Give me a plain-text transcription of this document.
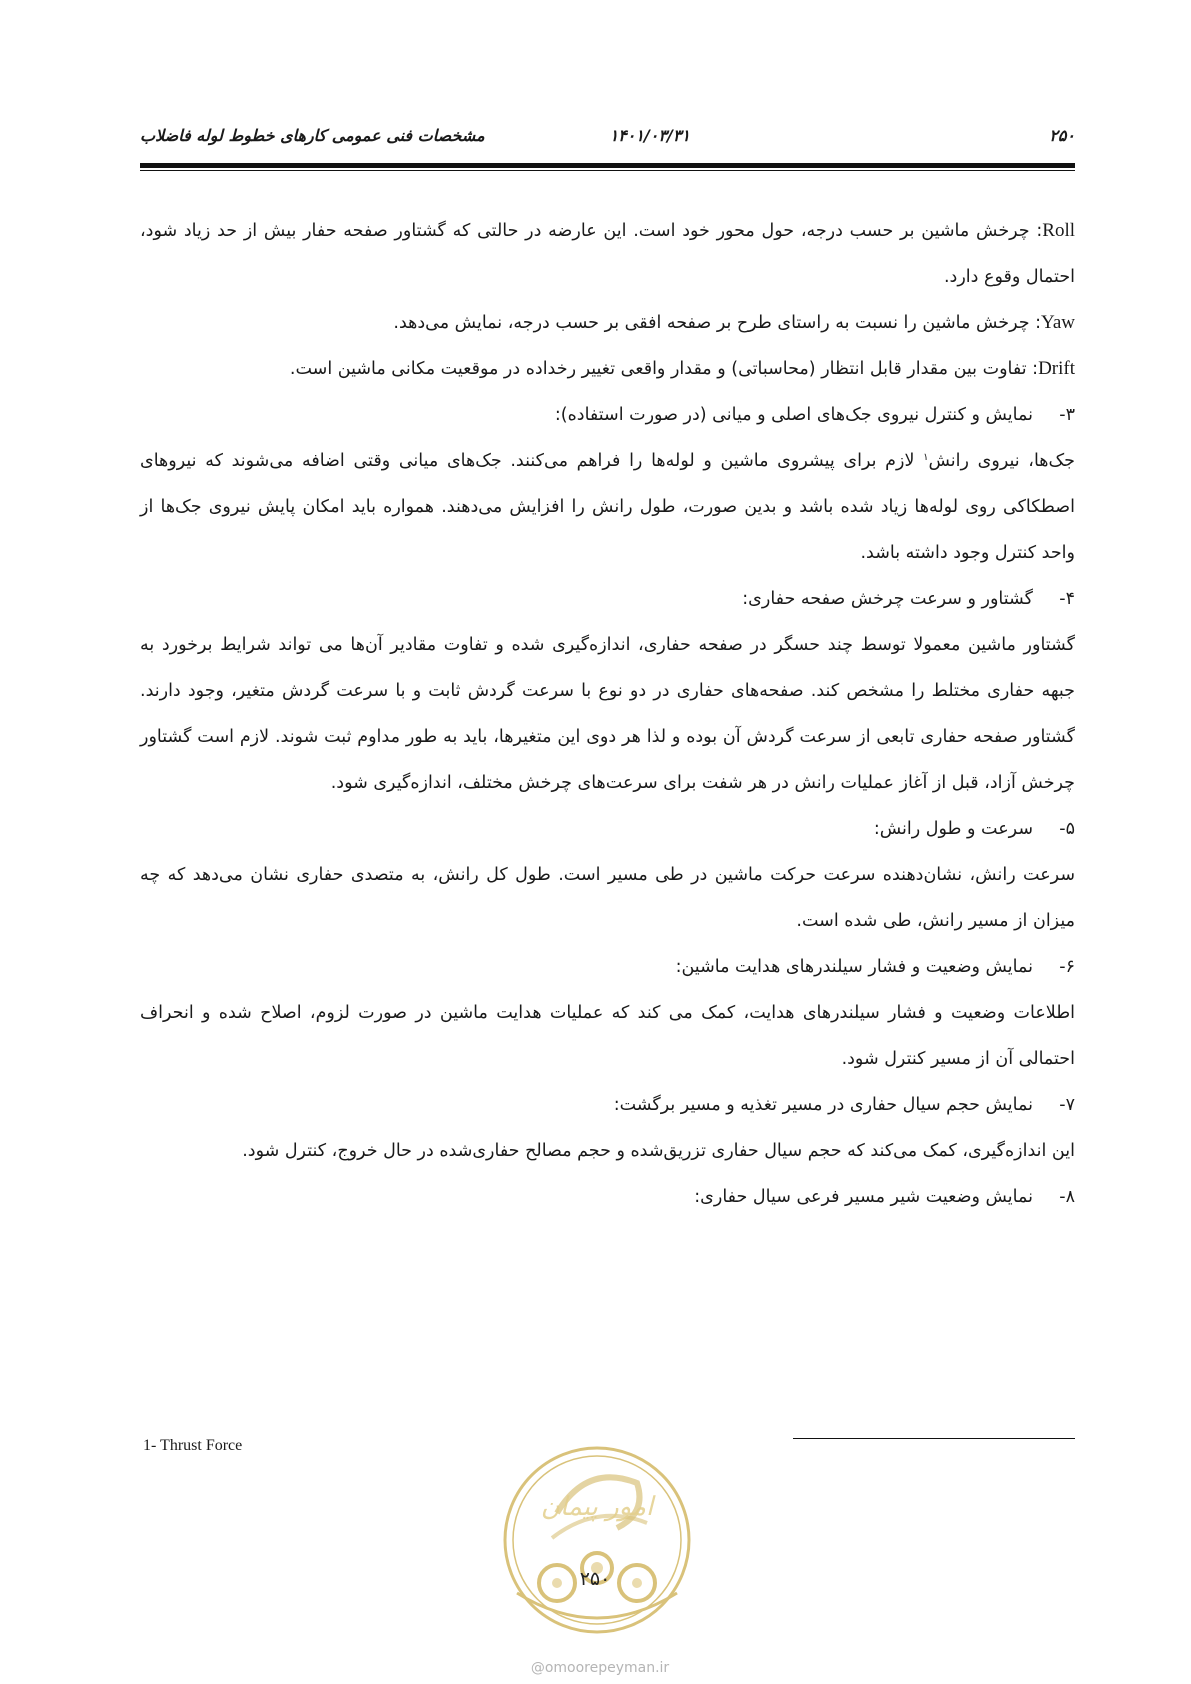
۲۵۰
۱۴۰۱/۰۳/۳۱
مشخصات فنی عمومی کارهای خطوط لوله فاضلاب

Roll: چرخش ماشین بر حسب درجه، حول محور خود است. این عارضه در حالتی که گشتاور صفحه حفار بیش از حد زیاد شود، احتمال وقوع دارد.

Yaw: چرخش ماشین را نسبت به راستای طرح بر صفحه افقی بر حسب درجه، نمایش می‌دهد.

Drift: تفاوت بین مقدار قابل انتظار (محاسباتی) و مقدار واقعی تغییر رخداده در موقعیت مکانی ماشین است.

۳-نمایش و کنترل نیروی جک‌های اصلی و میانی (در صورت استفاده):

جک‌ها، نیروی رانش$^۱$ لازم برای پیشروی ماشین و لوله‌ها را فراهم می‌کنند. جک‌های میانی وقتی اضافه می‌شوند که نیروهای اصطکاکی روی لوله‌ها زیاد شده باشد و بدین صورت، طول رانش را افزایش می‌دهند. همواره باید امکان پایش نیروی جک‌ها از واحد کنترل وجود داشته باشد.

۴-گشتاور و سرعت چرخش صفحه حفاری:

گشتاور ماشین معمولا توسط چند حسگر در صفحه حفاری، اندازه‌گیری شده و تفاوت مقادیر آن‌ها می تواند شرایط برخورد به جبهه حفاری مختلط را مشخص کند. صفحه‌های حفاری در دو نوع با سرعت گردش ثابت و با سرعت گردش متغیر، وجود دارند. گشتاور صفحه حفاری تابعی از سرعت گردش آن بوده و لذا هر دوی این متغیرها، باید به طور مداوم ثبت شوند. لازم است گشتاور چرخش آزاد، قبل از آغاز عملیات رانش در هر شفت برای سرعت‌های چرخش مختلف، اندازه‌گیری شود.

۵-سرعت و طول رانش:

سرعت رانش، نشان‌دهنده سرعت حرکت ماشین در طی مسیر است. طول کل رانش، به متصدی حفاری نشان می‌دهد که چه میزان از مسیر رانش، طی شده است.

۶-نمایش وضعیت و فشار سیلندرهای هدایت ماشین:

اطلاعات وضعیت و فشار سیلندرهای هدایت، کمک می کند که عملیات هدایت ماشین در صورت لزوم، اصلاح شده و انحراف احتمالی آن از مسیر کنترل شود.

۷-نمایش حجم سیال حفاری در مسیر تغذیه و مسیر برگشت:

این اندازه‌گیری، کمک می‌کند که حجم سیال حفاری تزریق‌شده و حجم مصالح حفاری‌شده در حال خروج، کنترل شود.

۸-نمایش وضعیت شیر مسیر فرعی سیال حفاری:

1- Thrust Force
امور پیمان
۲۵۰
@omoorepeyman.ir
